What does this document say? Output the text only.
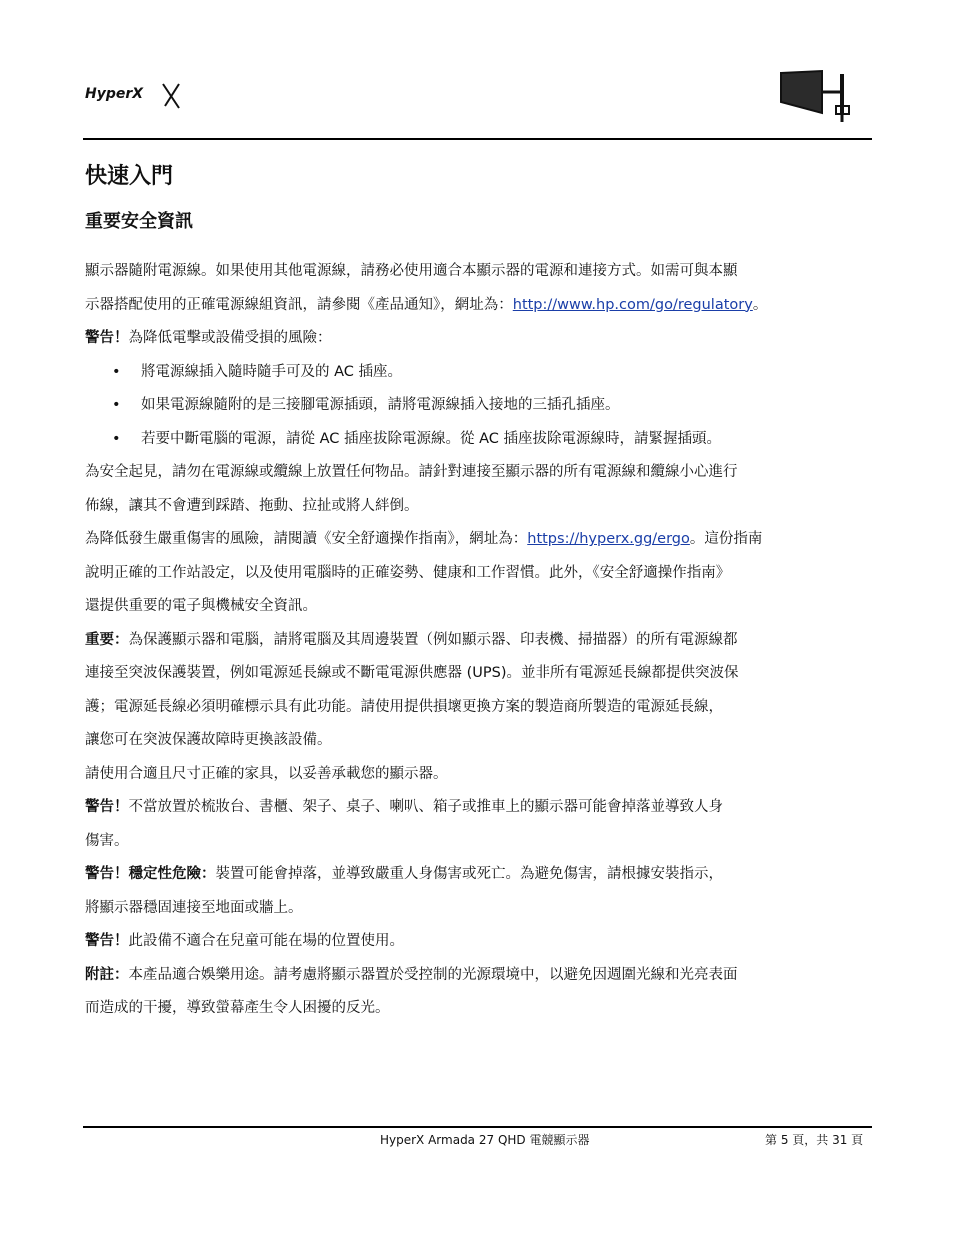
HyperX
快速入門
重要安全資訊

顯示器隨附電源線。如果使用其他電源線，請務必使用適合本顯示器的電源和連接方式。如需可與本顯

示器搭配使用的正確電源線組資訊，請參閱《產品通知》，網址為：http://www.hp.com/go/regulatory。

警告！為降低電擊或設備受損的風險：

• 將電源線插入隨時隨手可及的 AC 插座。
• 如果電源線隨附的是三接腳電源插頭，請將電源線插入接地的三插孔插座。
• 若要中斷電腦的電源，請從 AC 插座拔除電源線。從 AC 插座拔除電源線時，請緊握插頭。

為安全起見，請勿在電源線或纜線上放置任何物品。請針對連接至顯示器的所有電源線和纜線小心進行

佈線，讓其不會遭到踩踏、拖動、拉扯或將人絆倒。

為降低發生嚴重傷害的風險，請閱讀《安全舒適操作指南》，網址為：https://hyperx.gg/ergo。這份指南

說明正確的工作站設定，以及使用電腦時的正確姿勢、健康和工作習慣。此外，《安全舒適操作指南》

還提供重要的電子與機械安全資訊。

重要：為保護顯示器和電腦，請將電腦及其周邊裝置（例如顯示器、印表機、掃描器）的所有電源線都

連接至突波保護裝置，例如電源延長線或不斷電電源供應器 (UPS)。並非所有電源延長線都提供突波保

護；電源延長線必須明確標示具有此功能。請使用提供損壞更換方案的製造商所製造的電源延長線，

讓您可在突波保護故障時更換該設備。

請使用合適且尺寸正確的家具，以妥善承載您的顯示器。

警告！不當放置於梳妝台、書櫃、架子、桌子、喇叭、箱子或推車上的顯示器可能會掉落並導致人身

傷害。

警告！穩定性危險：裝置可能會掉落，並導致嚴重人身傷害或死亡。為避免傷害，請根據安裝指示，

將顯示器穩固連接至地面或牆上。

警告！此設備不適合在兒童可能在場的位置使用。

附註：本產品適合娛樂用途。請考慮將顯示器置於受控制的光源環境中，以避免因週圍光線和光亮表面

而造成的干擾，導致螢幕產生令人困擾的反光。

HyperX Armada 27 QHD 電競顯示器	第 5 頁，共 31 頁
